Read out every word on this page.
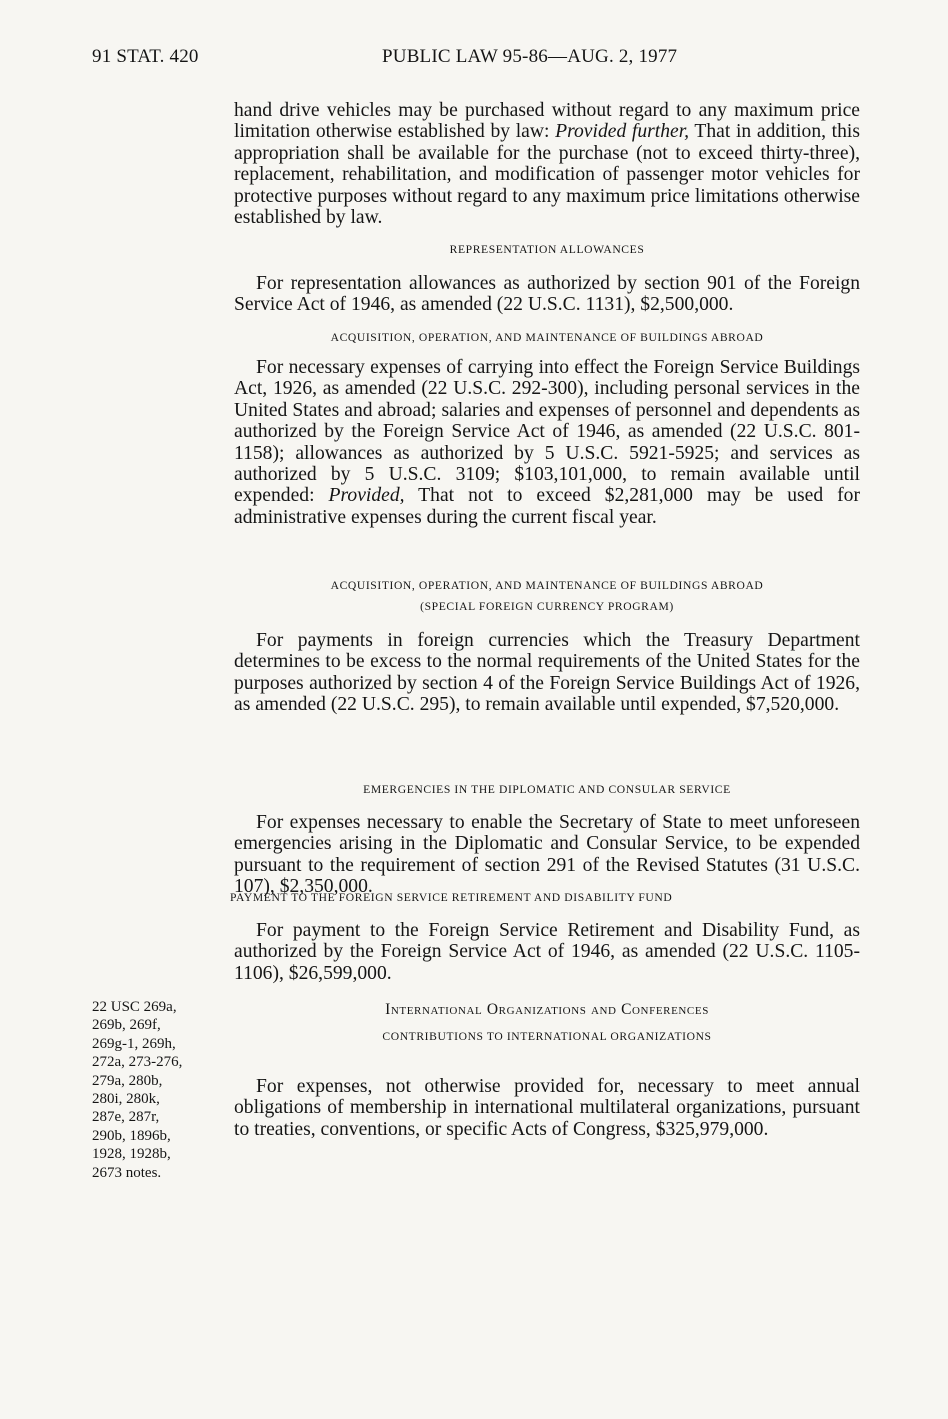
91 STAT. 420	PUBLIC LAW 95-86—AUG. 2, 1977

hand drive vehicles may be purchased without regard to any maximum price limitation otherwise established by law: Provided further, That in addition, this appropriation shall be available for the purchase (not to exceed thirty-three), replacement, rehabilitation, and modification of passenger motor vehicles for protective purposes without regard to any maximum price limitations otherwise established by law.

REPRESENTATION ALLOWANCES

For representation allowances as authorized by section 901 of the Foreign Service Act of 1946, as amended (22 U.S.C. 1131), $2,500,000.

ACQUISITION, OPERATION, AND MAINTENANCE OF BUILDINGS ABROAD

For necessary expenses of carrying into effect the Foreign Service Buildings Act, 1926, as amended (22 U.S.C. 292-300), including personal services in the United States and abroad; salaries and expenses of personnel and dependents as authorized by the Foreign Service Act of 1946, as amended (22 U.S.C. 801-1158); allowances as authorized by 5 U.S.C. 5921-5925; and services as authorized by 5 U.S.C. 3109; $103,101,000, to remain available until expended: Provided, That not to exceed $2,281,000 may be used for administrative expenses during the current fiscal year.

ACQUISITION, OPERATION, AND MAINTENANCE OF BUILDINGS ABROAD

(SPECIAL FOREIGN CURRENCY PROGRAM)

For payments in foreign currencies which the Treasury Department determines to be excess to the normal requirements of the United States for the purposes authorized by section 4 of the Foreign Service Buildings Act of 1926, as amended (22 U.S.C. 295), to remain available until expended, $7,520,000.

EMERGENCIES IN THE DIPLOMATIC AND CONSULAR SERVICE

For expenses necessary to enable the Secretary of State to meet unforeseen emergencies arising in the Diplomatic and Consular Service, to be expended pursuant to the requirement of section 291 of the Revised Statutes (31 U.S.C. 107), $2,350,000.

PAYMENT TO THE FOREIGN SERVICE RETIREMENT AND DISABILITY FUND

For payment to the Foreign Service Retirement and Disability Fund, as authorized by the Foreign Service Act of 1946, as amended (22 U.S.C. 1105-1106), $26,599,000.

International Organizations and Conferences

CONTRIBUTIONS TO INTERNATIONAL ORGANIZATIONS

For expenses, not otherwise provided for, necessary to meet annual obligations of membership in international multilateral organizations, pursuant to treaties, conventions, or specific Acts of Congress, $325,979,000.

22 USC 269a,
269b, 269f,
269g-1, 269h,
272a, 273-276,
279a, 280b,
280i, 280k,
287e, 287r,
290b, 1896b,
1928, 1928b,
2673 notes.
